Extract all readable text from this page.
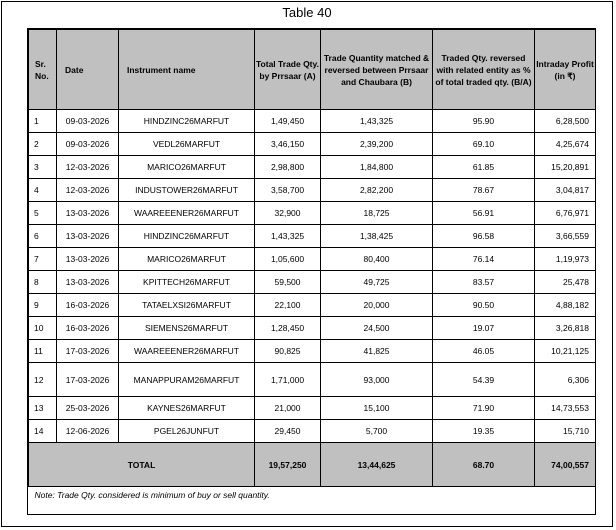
Table 40
Sr. No.	Date	Instrument name	Total Trade Qty. by Prrsaar (A)	Trade Quantity matched & reversed between Prrsaar and Chaubara (B)	Traded Qty. reversed with related entity as % of total traded qty. (B/A)	Intraday Profit (in ₹)
1	09-03-2026	HINDZINC26MARFUT	1,49,450	1,43,325	95.90	6,28,500
2	09-03-2026	VEDL26MARFUT	3,46,150	2,39,200	69.10	4,25,674
3	12-03-2026	MARICO26MARFUT	2,98,800	1,84,800	61.85	15,20,891
4	12-03-2026	INDUSTOWER26MARFUT	3,58,700	2,82,200	78.67	3,04,817
5	13-03-2026	WAAREEENER26MARFUT	32,900	18,725	56.91	6,76,971
6	13-03-2026	HINDZINC26MARFUT	1,43,325	1,38,425	96.58	3,66,559
7	13-03-2026	MARICO26MARFUT	1,05,600	80,400	76.14	1,19,973
8	13-03-2026	KPITTECH26MARFUT	59,500	49,725	83.57	25,478
9	16-03-2026	TATAELXSI26MARFUT	22,100	20,000	90.50	4,88,182
10	16-03-2026	SIEMENS26MARFUT	1,28,450	24,500	19.07	3,26,818
11	17-03-2026	WAAREEENER26MARFUT	90,825	41,825	46.05	10,21,125
12	17-03-2026	MANAPPURAM26MARFUT	1,71,000	93,000	54.39	6,306
13	25-03-2026	KAYNES26MARFUT	21,000	15,100	71.90	14,73,553
14	12-06-2026	PGEL26JUNFUT	29,450	5,700	19.35	15,710
TOTAL			19,57,250	13,44,625	68.70	74,00,557
Note: Trade Qty. considered is minimum of buy or sell quantity.						
